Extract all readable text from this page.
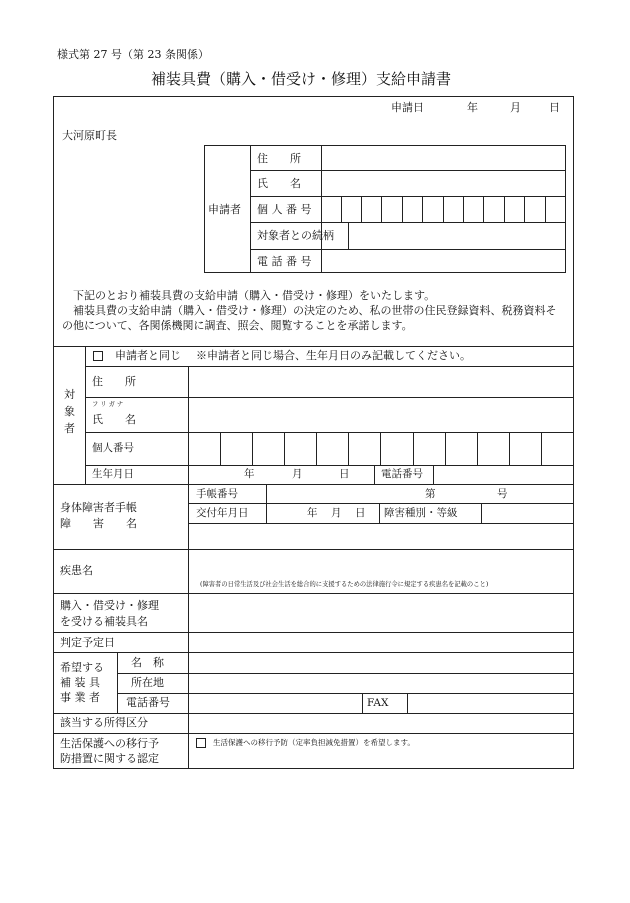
様式第 27 号（第 23 条関係）
補装具費（購入・借受け・修理）支給申請書
申請日	年	月	日
大河原町長
申請者
住　　所
氏　　名
個 人 番 号
対象者との続柄
電 話 番 号
下記のとおり補装具費の支給申請（購入・借受け・修理）をいたします。
補装具費の支給申請（購入・借受け・修理）の決定のため、私の世帯の住民登録資料、税務資料そ
の他について、各関係機関に調査、照会、閲覧することを承諾します。
対
象
者
申請者と同じ ※申請者と同じ場合、生年月日のみ記載してください。
住　　所
フ リ ガ ナ
氏　　名
個人番号
生年月日	年	月	日	電話番号
身体障害者手帳
障　　害　　名
手帳番号	第	号
交付年月日	年 月 日 障害種別・等級
疾患名
(障害者の日常生活及び社会生活を総合的に支援するための法律施行令に規定する疾患名を記載のこと)
購入・借受け・修理
を受ける補装具名
判定予定日
希望する
補 装 具
事 業 者
名　称
所在地
電話番号	FAX
該当する所得区分
生活保護への移行予
防措置に関する認定
生活保護への移行予防（定率負担減免措置）を希望します。
